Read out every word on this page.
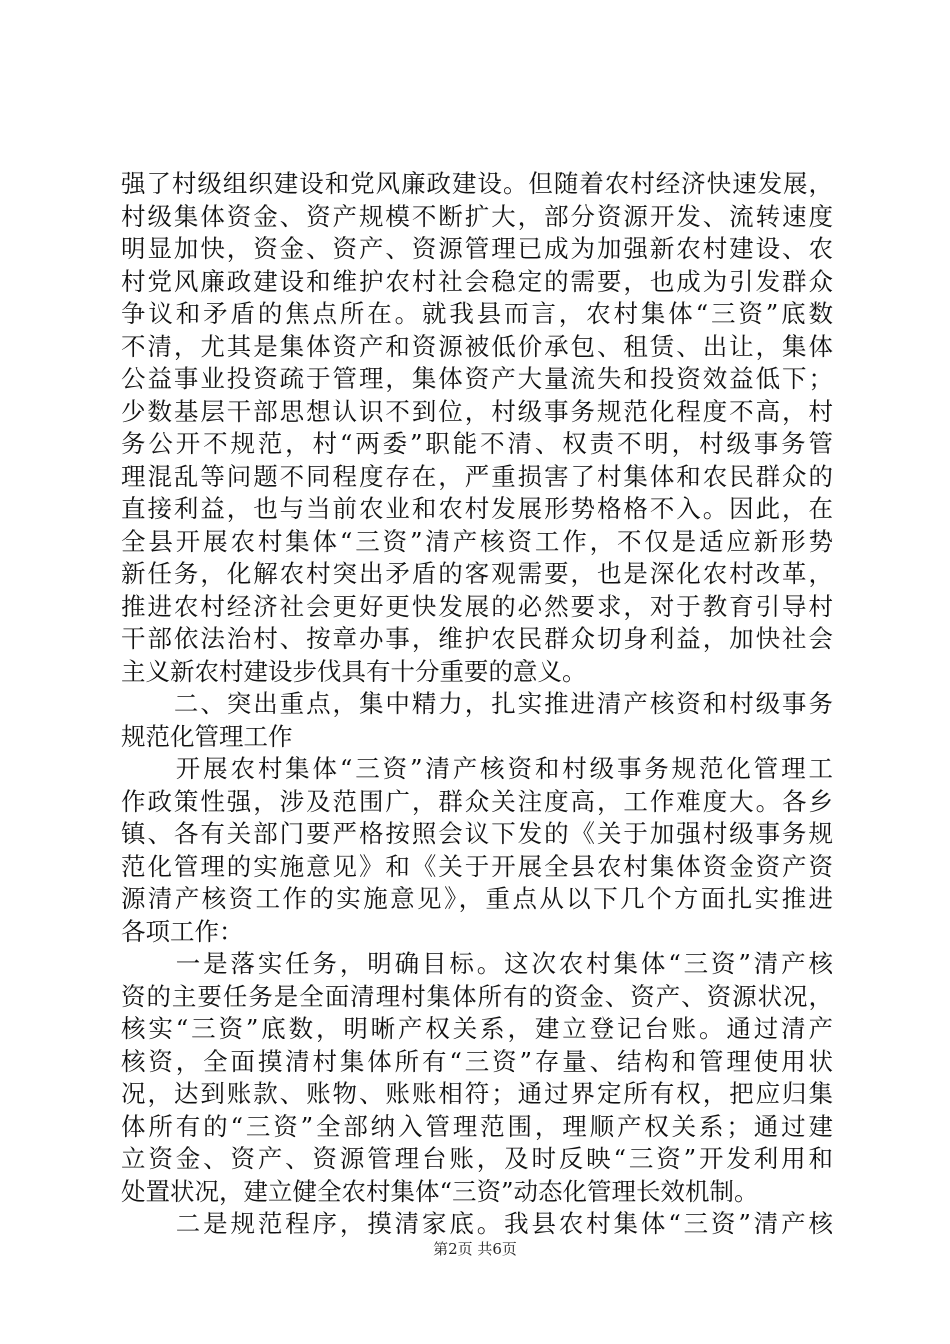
强了村级组织建设和党风廉政建设。但随着农村经济快速发展，
村级集体资金、资产规模不断扩大，部分资源开发、流转速度
明显加快，资金、资产、资源管理已成为加强新农村建设、农
村党风廉政建设和维护农村社会稳定的需要，也成为引发群众
争议和矛盾的焦点所在。就我县而言，农村集体“三资”底数
不清，尤其是集体资产和资源被低价承包、租赁、出让，集体
公益事业投资疏于管理，集体资产大量流失和投资效益低下；
少数基层干部思想认识不到位，村级事务规范化程度不高，村
务公开不规范，村“两委”职能不清、权责不明，村级事务管
理混乱等问题不同程度存在，严重损害了村集体和农民群众的
直接利益，也与当前农业和农村发展形势格格不入。因此，在
全县开展农村集体“三资”清产核资工作，不仅是适应新形势
新任务，化解农村突出矛盾的客观需要，也是深化农村改革，
推进农村经济社会更好更快发展的必然要求，对于教育引导村
干部依法治村、按章办事，维护农民群众切身利益，加快社会
主义新农村建设步伐具有十分重要的意义。
　　二、突出重点，集中精力，扎实推进清产核资和村级事务
规范化管理工作
　　开展农村集体“三资”清产核资和村级事务规范化管理工
作政策性强，涉及范围广，群众关注度高，工作难度大。各乡
镇、各有关部门要严格按照会议下发的《关于加强村级事务规
范化管理的实施意见》和《关于开展全县农村集体资金资产资
源清产核资工作的实施意见》，重点从以下几个方面扎实推进
各项工作：
　　一是落实任务，明确目标。这次农村集体“三资”清产核
资的主要任务是全面清理村集体所有的资金、资产、资源状况，
核实“三资”底数，明晰产权关系，建立登记台账。通过清产
核资，全面摸清村集体所有“三资”存量、结构和管理使用状
况，达到账款、账物、账账相符；通过界定所有权，把应归集
体所有的“三资”全部纳入管理范围，理顺产权关系；通过建
立资金、资产、资源管理台账，及时反映“三资”开发利用和
处置状况，建立健全农村集体“三资”动态化管理长效机制。
　　二是规范程序，摸清家底。我县农村集体“三资”清产核
第2页 共6页
